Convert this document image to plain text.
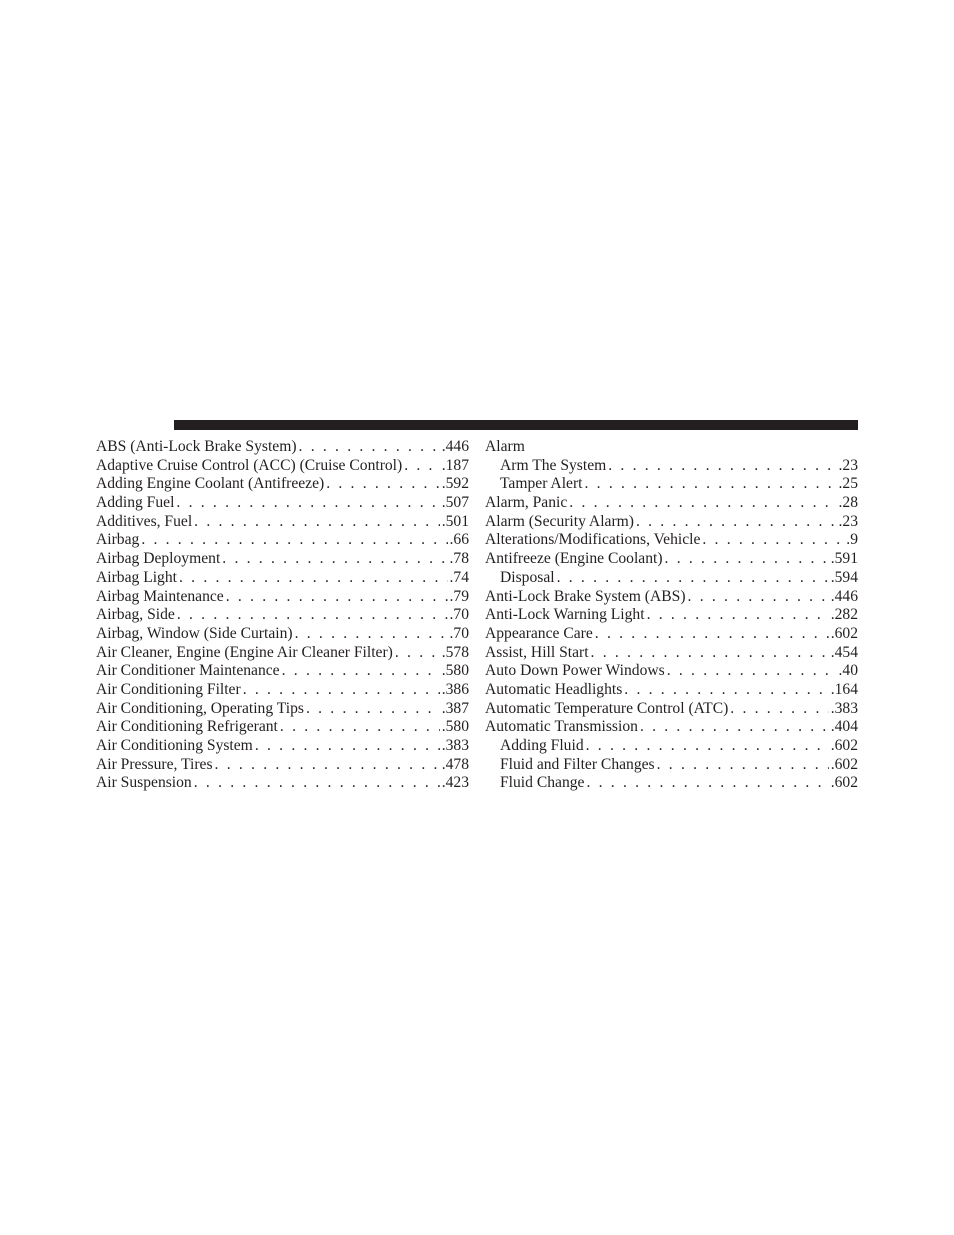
ABS (Anti-Lock Brake System) . . .	.446
Adaptive Cruise Control (ACC) (Cruise Control) . . .	.187
Adding Engine Coolant (Antifreeze) . . .	.592
Adding Fuel . . .	.507
Additives, Fuel . . .	.501
Airbag . . .	.66
Airbag Deployment . . .	.78
Airbag Light . . .	.74
Airbag Maintenance . . .	.79
Airbag, Side . . .	.70
Airbag, Window (Side Curtain) . . .	.70
Air Cleaner, Engine (Engine Air Cleaner Filter) . . .	.578
Air Conditioner Maintenance . . .	.580
Air Conditioning Filter . . .	.386
Air Conditioning, Operating Tips . . .	.387
Air Conditioning Refrigerant . . .	.580
Air Conditioning System . . .	.383
Air Pressure, Tires . . .	.478
Air Suspension . . .	.423
Alarm
Arm The System . . .	.23
Tamper Alert . . .	.25
Alarm, Panic . . .	.28
Alarm (Security Alarm) . . .	.23
Alterations/Modifications, Vehicle . . .	.9
Antifreeze (Engine Coolant) . . .	.591
Disposal . . .	.594
Anti-Lock Brake System (ABS) . . .	.446
Anti-Lock Warning Light . . .	.282
Appearance Care . . .	.602
Assist, Hill Start . . .	.454
Auto Down Power Windows . . .	.40
Automatic Headlights . . .	.164
Automatic Temperature Control (ATC) . . .	.383
Automatic Transmission . . .	.404
Adding Fluid . . .	.602
Fluid and Filter Changes . . .	.602
Fluid Change . . .	.602
